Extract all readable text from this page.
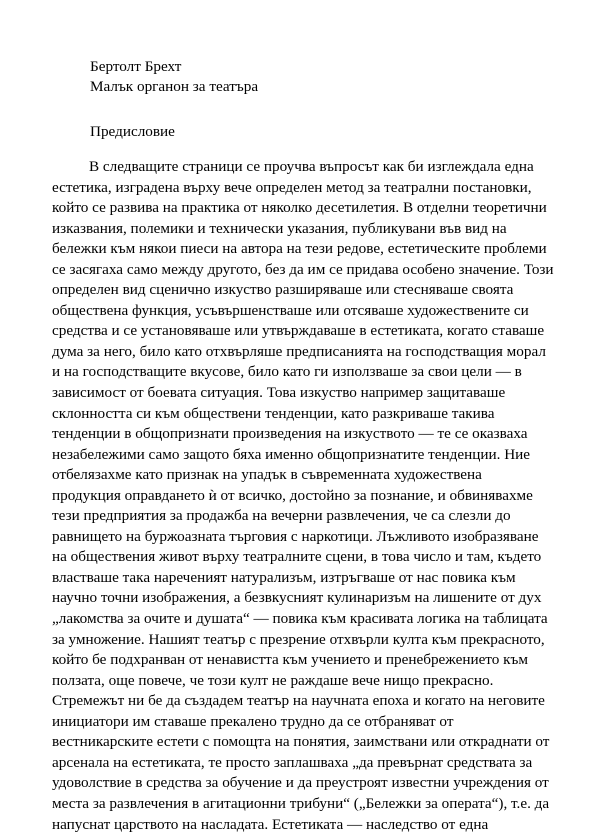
Бертолт Брехт
Малък органон за театъра
Предисловие
В следващите страници се проучва въпросът как би изглеждала една
естетика, изградена върху вече определен метод за театрални постановки,
който се развива на практика от няколко десетилетия. В отделни теоретични
изказвания, полемики и технически указания, публикувани във вид на
бележки към някои пиеси на автора на тези редове, естетическите проблеми
се засягаха само между другото, без да им се придава особено значение. Този
определен вид сценично изкуство разширяваше или стесняваше своята
обществена функция, усъвършенстваше или отсяваше художествените си
средства и се установяваше или утвърждаваше в естетиката, когато ставаше
дума за него, било като отхвърляше предписанията на господстващия морал
и на господстващите вкусове, било като ги използваше за свои цели — в
зависимост от боевата ситуация. Това изкуство например защитаваше
склонността си към обществени тенденции, като разкриваше такива
тенденции в общопризнати произведения на изкуството — те се оказваха
незабележими само защото бяха именно общопризнатите тенденции. Ние
отбелязахме като признак на упадък в съвременната художествена
продукция оправдането ѝ от всичко, достойно за познание, и обвинявахме
тези предприятия за продажба на вечерни развлечения, че са слезли до
равнището на буржоазната търговия с наркотици. Лъжливото изобразяване
на обществения живот върху театралните сцени, в това число и там, където
властваше така нареченият натурализъм, изтръгваше от нас повика към
научно точни изображения, а безвкусният кулинаризъм на лишените от дух
„лакомства за очите и душата“ — повика към красивата логика на таблицата
за умножение. Нашият театър с презрение отхвърли култа към прекрасното,
който бе подхранван от ненавистта към учението и пренебрежението към
ползата, още повече, че този култ не раждаше вече нищо прекрасно.
Стремежът ни бе да създадем театър на научната епоха и когато на неговите
инициатори им ставаше прекалено трудно да се отбраняват от
вестникарските естети с помощта на понятия, заимствани или откраднати от
арсенала на естетиката, те просто заплашваха „да превърнат средствата за
удоволствие в средства за обучение и да преустроят известни учреждения от
места за развлечения в агитационни трибуни“ („Бележки за операта“), т.е. да
напуснат царството на насладата. Естетиката — наследство от една
